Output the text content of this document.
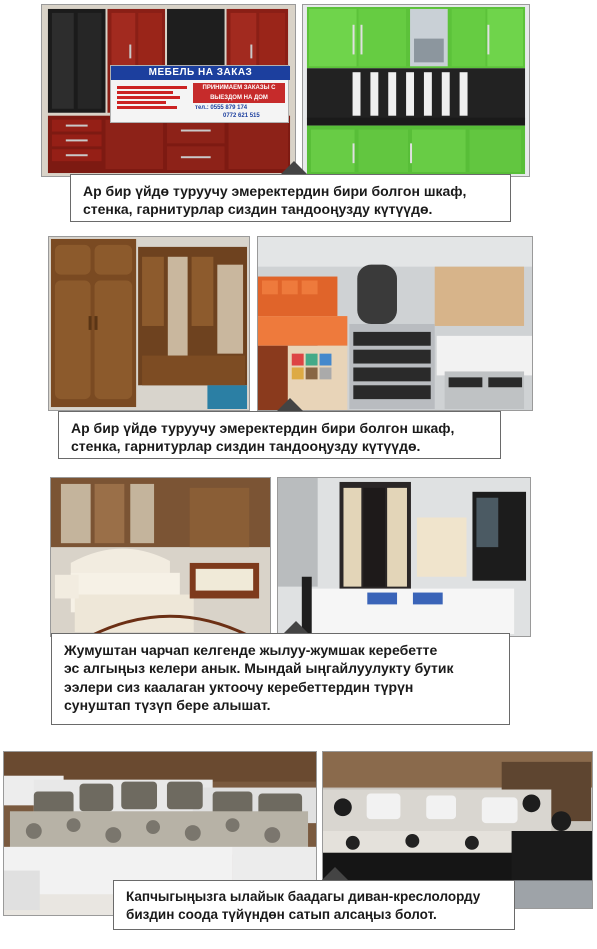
МЕБЕЛЬ НА ЗАКАЗ
ПРИНИМАЕМ ЗАКАЗЫ С ВЫЕЗДОМ НА ДОМ
тел.: 0555 879 174
0772 621 515
Ар бир үйдө туруучу эмеректердин бири болгон шкаф,
стенка, гарнитурлар сиздин тандооңузду күтүүдө.
Ар бир үйдө туруучу эмеректердин бири болгон шкаф,
стенка, гарнитурлар сиздин тандооңузду күтүүдө.
Жумуштан чарчап келгенде жылуу-жумшак керебетте
эс алгыңыз келери анык. Мындай ыңгайлуулукту бутик
ээлери сиз каалаган уктоочу керебеттердин түрүн
сунуштап түзүп бере алышат.
Капчыгыңызга ылайык баадагы диван-креслолорду
биздин соода түйүндөн сатып алсаңыз болот.
